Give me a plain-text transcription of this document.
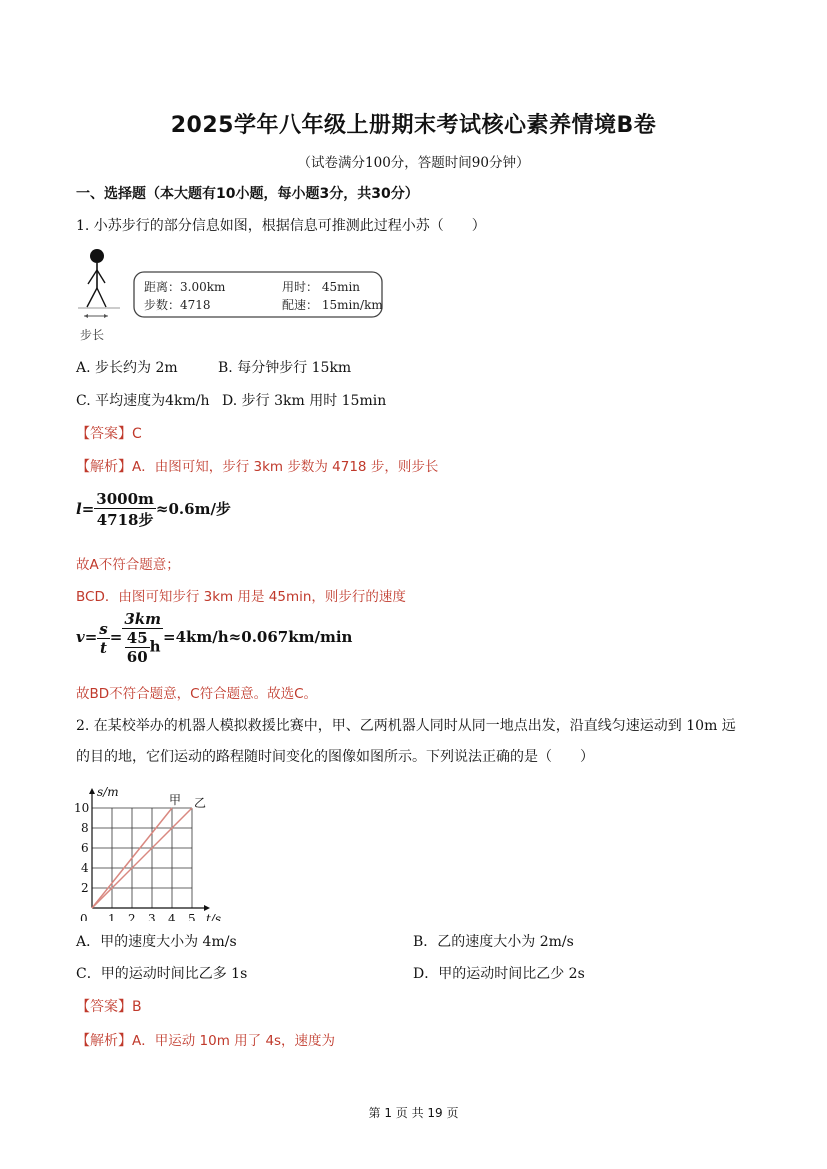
2025学年八年级上册期末考试核心素养情境B卷
（试卷满分100分，答题时间90分钟）
一、选择题（本大题有10小题，每小题3分，共30分）
1. 小苏步行的部分信息如图，根据信息可推测此过程小苏（　　）
步长
距离：3.00km	用时： 45min
步数：4718	配速： 15min/km
A. 步长约为 2m	B. 每分钟步行 15km
C. 平均速度为4km/h D. 步行 3km 用时 15min
【答案】C
【解析】A．由图可知，步行 3km 步数为 4718 步，则步长
$l= \frac{3000m}{\text{4718步}} \approx 0.6m/$步
故A不符合题意；
BCD．由图可知步行 3km 用是 45min，则步行的速度
$v= \frac{s}{t} = \frac{3km}{\frac{45}{60} h} =4km/h\approx 0.067km/\min$
故BD不符合题意，C符合题意。故选C。
2. 在某校举办的机器人模拟救援比赛中，甲、乙两机器人同时从同一地点出发，沿直线匀速运动到 10m 远
的目的地，它们运动的路程随时间变化的图像如图所示。下列说法正确的是（　　）
1 2 3 4 5
2
4
6
8
10
0
s/m
t/s
甲 乙
A．甲的速度大小为 4m/s	B．乙的速度大小为 2m/s
C．甲的运动时间比乙多 1s	D．甲的运动时间比乙少 2s
【答案】B
【解析】A．甲运动 10m 用了 4s，速度为
第 1 页 共 19 页
